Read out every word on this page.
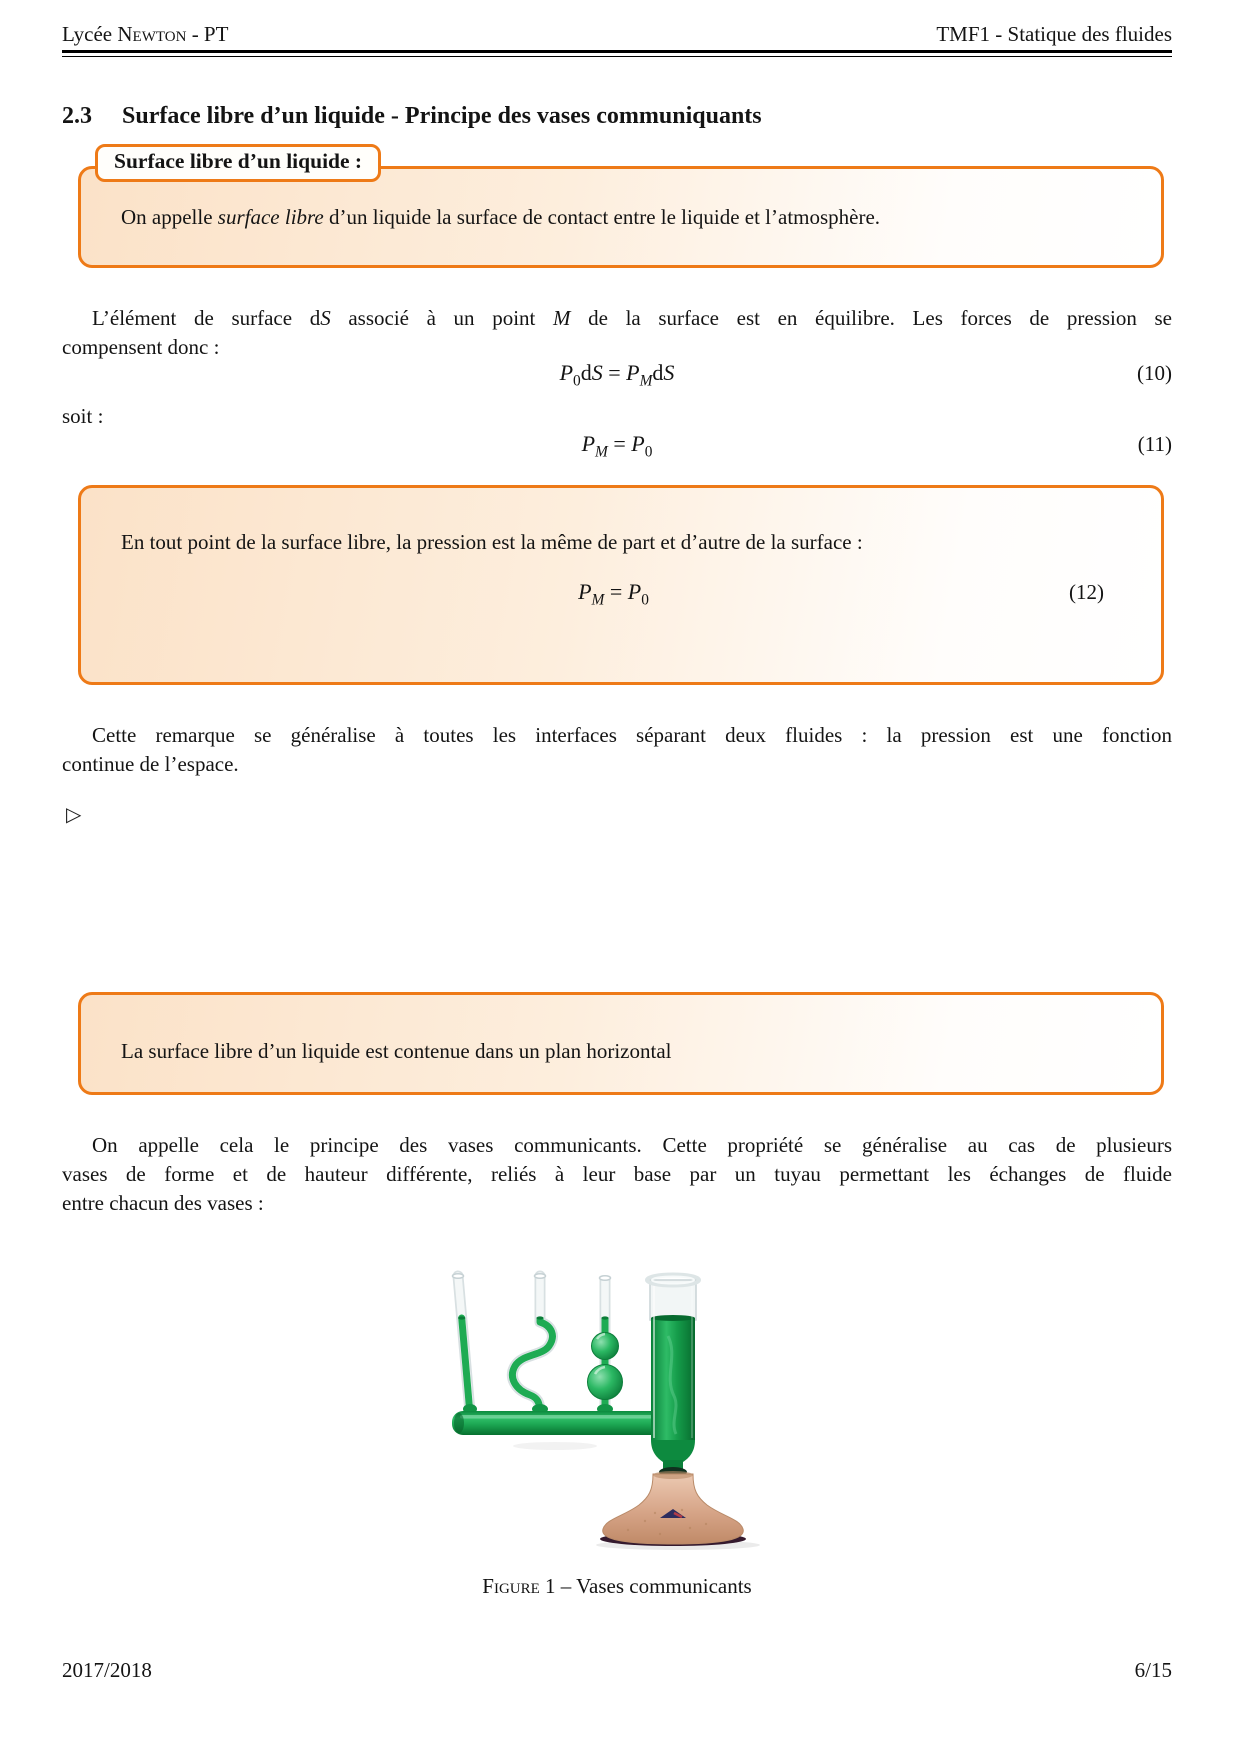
Lycée Newton - PT	TMF1 - Statique des fluides
2.3 Surface libre d’un liquide - Principe des vases communiquants
Surface libre d’un liquide :
On appelle surface libre d’un liquide la surface de contact entre le liquide et l’atmosphère.
L’élément de surface dS associé à un point M de la surface est en équilibre. Les forces de pression se
compensent donc :
$P_0dS = P_MdS$	(10)
soit :
$P_M = P_0$	(11)
En tout point de la surface libre, la pression est la même de part et d’autre de la surface :
$P_M = P_0$	(12)
Cette remarque se généralise à toutes les interfaces séparant deux fluides : la pression est une fonction
continue de l’espace.
▷
La surface libre d’un liquide est contenue dans un plan horizontal
On appelle cela le principe des vases communicants. Cette propriété se généralise au cas de plusieurs
vases de forme et de hauteur différente, reliés à leur base par un tuyau permettant les échanges de fluide
entre chacun des vases :
Figure 1 – Vases communicants
2017/2018	6/15
